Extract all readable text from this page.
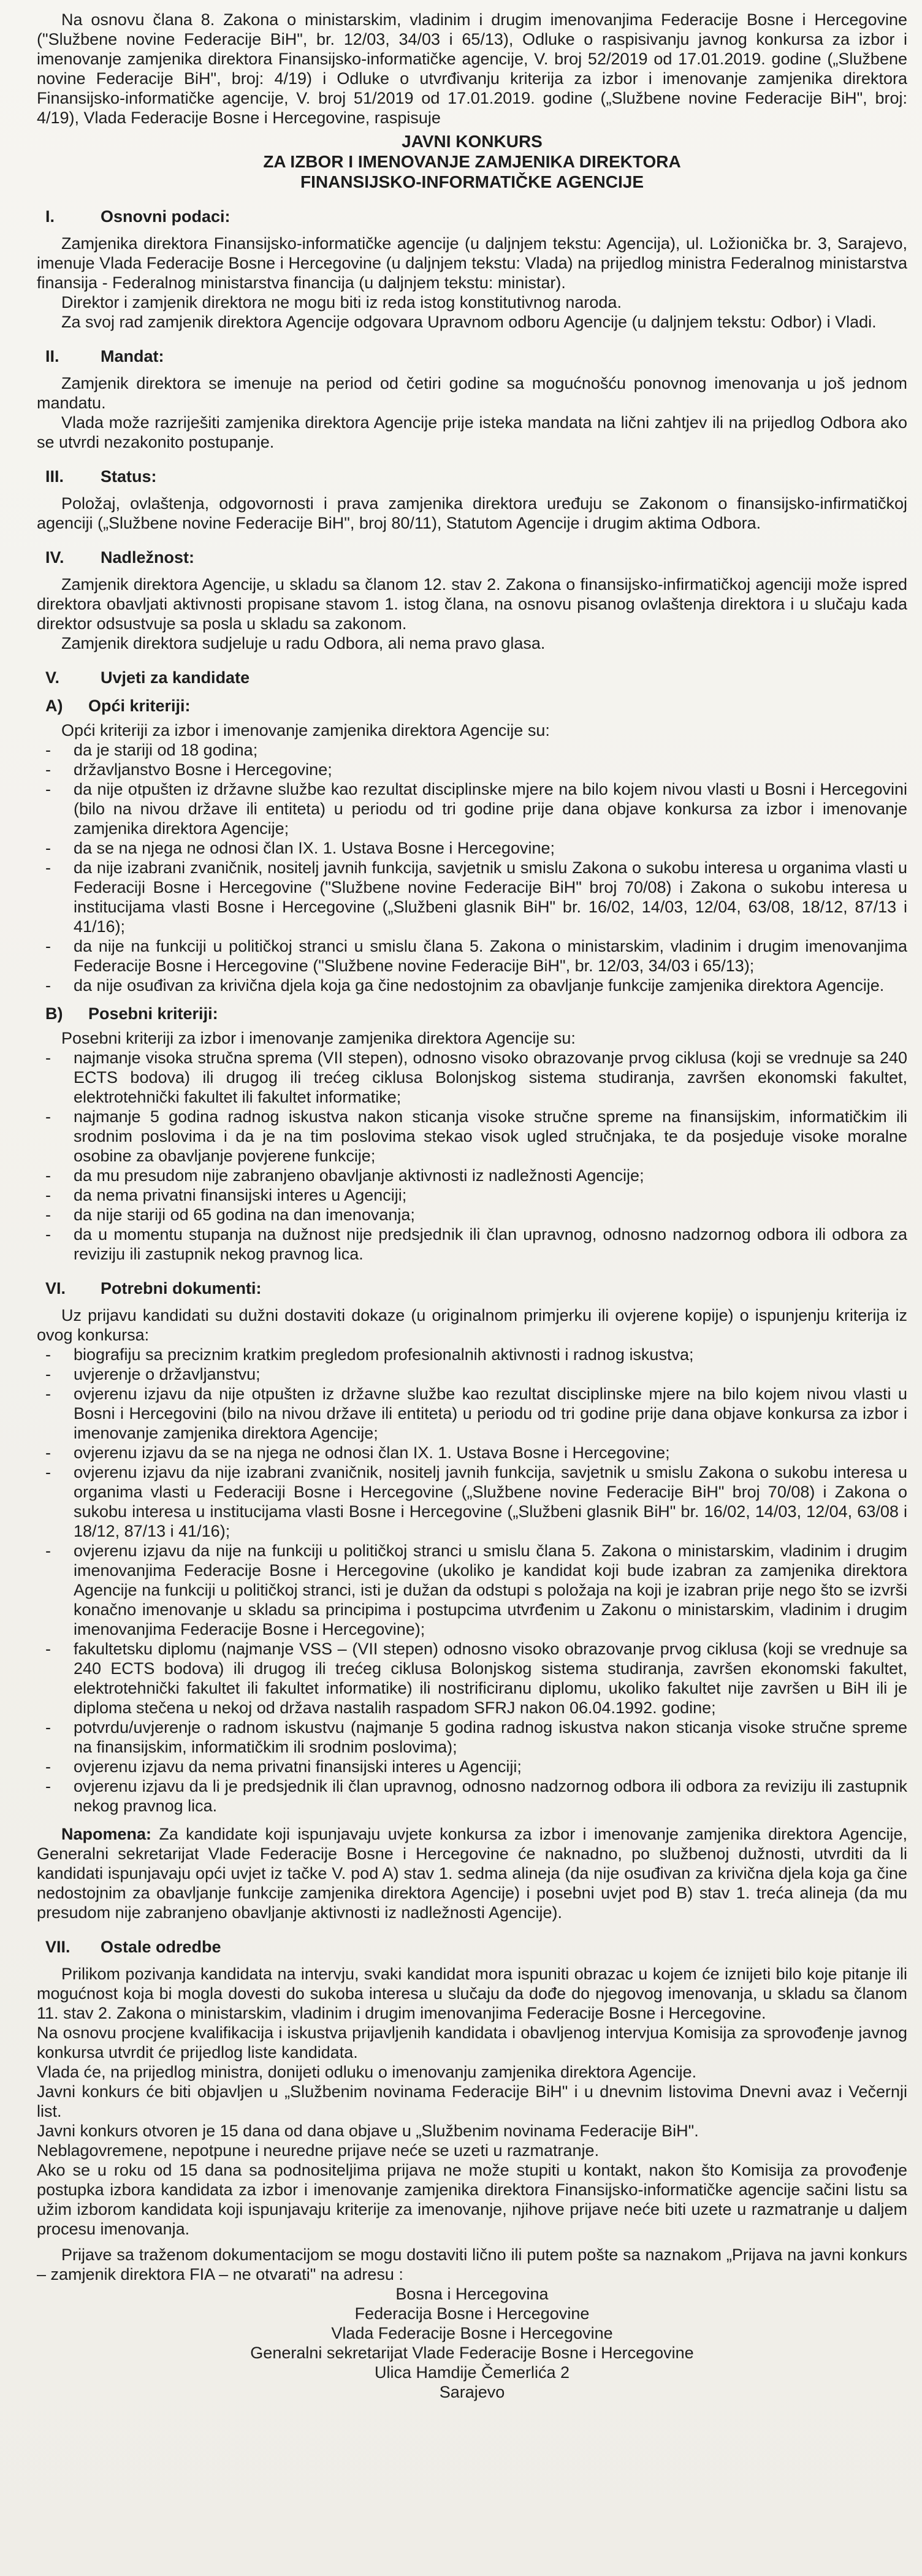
Na osnovu člana 8. Zakona o ministarskim, vladinim i drugim imenovanjima Federacije Bosne i Hercegovine ("Službene novine Federacije BiH", br. 12/03, 34/03 i 65/13), Odluke o raspisivanju javnog konkursa za izbor i imenovanje zamjenika direktora Finansijsko-informatičke agencije, V. broj 52/2019 od 17.01.2019. godine („Službene novine Federacije BiH", broj: 4/19) i Odluke o utvrđivanju kriterija za izbor i imenovanje zamjenika direktora Finansijsko-informatičke agencije, V. broj 51/2019 od 17.01.2019. godine („Službene novine Federacije BiH", broj: 4/19), Vlada Federacije Bosne i Hercegovine, raspisuje

JAVNI KONKURS

ZA IZBOR I IMENOVANJE ZAMJENIKA DIREKTORA

FINANSIJSKO-INFORMATIČKE AGENCIJE

I.	Osnovni podaci:

Zamjenika direktora Finansijsko-informatičke agencije (u daljnjem tekstu: Agencija), ul. Ložionička br. 3, Sarajevo, imenuje Vlada Federacije Bosne i Hercegovine (u daljnjem tekstu: Vlada) na prijedlog ministra Federalnog ministarstva finansija - Federalnog ministarstva financija (u daljnjem tekstu: ministar).

Direktor i zamjenik direktora ne mogu biti iz reda istog konstitutivnog naroda.

Za svoj rad zamjenik direktora Agencije odgovara Upravnom odboru Agencije (u daljnjem tekstu: Odbor) i Vladi.

II.	Mandat:

Zamjenik direktora se imenuje na period od četiri godine sa mogućnošću ponovnog imenovanja u još jednom mandatu.

Vlada može razriješiti zamjenika direktora Agencije prije isteka mandata na lični zahtjev ili na prijedlog Odbora ako se utvrdi nezakonito postupanje.

III.	Status:

Položaj, ovlaštenja, odgovornosti i prava zamjenika direktora uređuju se Zakonom o finansijsko-infirmatičkoj agenciji („Službene novine Federacije BiH", broj 80/11), Statutom Agencije i drugim aktima Odbora.

IV.	Nadležnost:

Zamjenik direktora Agencije, u skladu sa članom 12. stav 2. Zakona o finansijsko-infirmatičkoj agenciji može ispred direktora obavljati aktivnosti propisane stavom 1. istog člana, na osnovu pisanog ovlaštenja direktora i u slučaju kada direktor odsustvuje sa posla u skladu sa zakonom.

Zamjenik direktora sudjeluje u radu Odbora, ali nema pravo glasa.

V.	Uvjeti za kandidate
A)	Opći kriteriji:

Opći kriteriji za izbor i imenovanje zamjenika direktora Agencije su:

-	da je stariji od 18 godina;
-	državljanstvo Bosne i Hercegovine;
-	da nije otpušten iz državne službe kao rezultat disciplinske mjere na bilo kojem nivou vlasti u Bosni i Hercegovini (bilo na nivou države ili entiteta) u periodu od tri godine prije dana objave konkursa za izbor i imenovanje zamjenika direktora Agencije;
-	da se na njega ne odnosi član IX. 1. Ustava Bosne i Hercegovine;
-	da nije izabrani zvaničnik, nositelj javnih funkcija, savjetnik u smislu Zakona o sukobu interesa u organima vlasti u Federaciji Bosne i Hercegovine ("Službene novine Federacije BiH" broj 70/08) i Zakona o sukobu interesa u institucijama vlasti Bosne i Hercegovine („Službeni glasnik BiH" br. 16/02, 14/03, 12/04, 63/08, 18/12, 87/13 i 41/16);
-	da nije na funkciji u političkoj stranci u smislu člana 5. Zakona o ministarskim, vladinim i drugim imenovanjima Federacije Bosne i Hercegovine ("Službene novine Federacije BiH", br. 12/03, 34/03 i 65/13);
-	da nije osuđivan za krivična djela koja ga čine nedostojnim za obavljanje funkcije zamjenika direktora Agencije.
B)	Posebni kriteriji:

Posebni kriteriji za izbor i imenovanje zamjenika direktora Agencije su:

-	najmanje visoka stručna sprema (VII stepen), odnosno visoko obrazovanje prvog ciklusa (koji se vrednuje sa 240 ECTS bodova) ili drugog ili trećeg ciklusa Bolonjskog sistema studiranja, završen ekonomski fakultet, elektrotehnički fakultet ili fakultet informatike;
-	najmanje 5 godina radnog iskustva nakon sticanja visoke stručne spreme na finansijskim, informatičkim ili srodnim poslovima i da je na tim poslovima stekao visok ugled stručnjaka, te da posjeduje visoke moralne osobine za obavljanje povjerene funkcije;
-	da mu presudom nije zabranjeno obavljanje aktivnosti iz nadležnosti Agencije;
-	da nema privatni finansijski interes u Agenciji;
-	da nije stariji od 65 godina na dan imenovanja;
-	da u momentu stupanja na dužnost nije predsjednik ili član upravnog, odnosno nadzornog odbora ili odbora za reviziju ili zastupnik nekog pravnog lica.
VI.	Potrebni dokumenti:

Uz prijavu kandidati su dužni dostaviti dokaze (u originalnom primjerku ili ovjerene kopije) o ispunjenju kriterija iz ovog konkursa:

-	biografiju sa preciznim kratkim pregledom profesionalnih aktivnosti i radnog iskustva;
-	uvjerenje o državljanstvu;
-	ovjerenu izjavu da nije otpušten iz državne službe kao rezultat disciplinske mjere na bilo kojem nivou vlasti u Bosni i Hercegovini (bilo na nivou države ili entiteta) u periodu od tri godine prije dana objave konkursa za izbor i imenovanje zamjenika direktora Agencije;
-	ovjerenu izjavu da se na njega ne odnosi član IX. 1. Ustava Bosne i Hercegovine;
-	ovjerenu izjavu da nije izabrani zvaničnik, nositelj javnih funkcija, savjetnik u smislu Zakona o sukobu interesa u organima vlasti u Federaciji Bosne i Hercegovine („Službene novine Federacije BiH" broj 70/08) i Zakona o sukobu interesa u institucijama vlasti Bosne i Hercegovine („Službeni glasnik BiH" br. 16/02, 14/03, 12/04, 63/08 i 18/12, 87/13 i 41/16);
-	ovjerenu izjavu da nije na funkciji u političkoj stranci u smislu člana 5. Zakona o ministarskim, vladinim i drugim imenovanjima Federacije Bosne i Hercegovine (ukoliko je kandidat koji bude izabran za zamjenika direktora Agencije na funkciji u političkoj stranci, isti je dužan da odstupi s položaja na koji je izabran prije nego što se izvrši konačno imenovanje u skladu sa principima i postupcima utvrđenim u Zakonu o ministarskim, vladinim i drugim imenovanjima Federacije Bosne i Hercegovine);
-	fakultetsku diplomu (najmanje VSS – (VII stepen) odnosno visoko obrazovanje prvog ciklusa (koji se vrednuje sa 240 ECTS bodova) ili drugog ili trećeg ciklusa Bolonjskog sistema studiranja, završen ekonomski fakultet, elektrotehnički fakultet ili fakultet informatike) ili nostrificiranu diplomu, ukoliko fakultet nije završen u BiH ili je diploma stečena u nekoj od država nastalih raspadom SFRJ nakon 06.04.1992. godine;
-	potvrdu/uvjerenje o radnom iskustvu (najmanje 5 godina radnog iskustva nakon sticanja visoke stručne spreme na finansijskim, informatičkim ili srodnim poslovima);
-	ovjerenu izjavu da nema privatni finansijski interes u Agenciji;
-	ovjerenu izjavu da li je predsjednik ili član upravnog, odnosno nadzornog odbora ili odbora za reviziju ili zastupnik nekog pravnog lica.

Napomena: Za kandidate koji ispunjavaju uvjete konkursa za izbor i imenovanje zamjenika direktora Agencije, Generalni sekretarijat Vlade Federacije Bosne i Hercegovine će naknadno, po službenoj dužnosti, utvrditi da li kandidati ispunjavaju opći uvjet iz tačke V. pod A) stav 1. sedma alineja (da nije osuđivan za krivična djela koja ga čine nedostojnim za obavljanje funkcije zamjenika direktora Agencije) i posebni uvjet pod B) stav 1. treća alineja (da mu presudom nije zabranjeno obavljanje aktivnosti iz nadležnosti Agencije).

VII.	Ostale odredbe

Prilikom pozivanja kandidata na intervju, svaki kandidat mora ispuniti obrazac u kojem će iznijeti bilo koje pitanje ili mogućnost koja bi mogla dovesti do sukoba interesa u slučaju da dođe do njegovog imenovanja, u skladu sa članom 11. stav 2. Zakona o ministarskim, vladinim i drugim imenovanjima Federacije Bosne i Hercegovine.

Na osnovu procjene kvalifikacija i iskustva prijavljenih kandidata i obavljenog intervjua Komisija za sprovođenje javnog konkursa utvrdit će prijedlog liste kandidata.

Vlada će, na prijedlog ministra, donijeti odluku o imenovanju zamjenika direktora Agencije.

Javni konkurs će biti objavljen u „Službenim novinama Federacije BiH" i u dnevnim listovima Dnevni avaz i Večernji list.

Javni konkurs otvoren je 15 dana od dana objave u „Službenim novinama Federacije BiH".

Neblagovremene, nepotpune i neuredne prijave neće se uzeti u razmatranje.

Ako se u roku od 15 dana sa podnositeljima prijava ne može stupiti u kontakt, nakon što Komisija za provođenje postupka izbora kandidata za izbor i imenovanje zamjenika direktora Finansijsko-informatičke agencije sačini listu sa užim izborom kandidata koji ispunjavaju kriterije za imenovanje, njihove prijave neće biti uzete u razmatranje u daljem procesu imenovanja.

Prijave sa traženom dokumentacijom se mogu dostaviti lično ili putem pošte sa naznakom „Prijava na javni konkurs – zamjenik direktora FIA – ne otvarati" na adresu :

Bosna i Hercegovina

Federacija Bosne i Hercegovine

Vlada Federacije Bosne i Hercegovine

Generalni sekretarijat Vlade Federacije Bosne i Hercegovine

Ulica Hamdije Čemerlića 2

Sarajevo
